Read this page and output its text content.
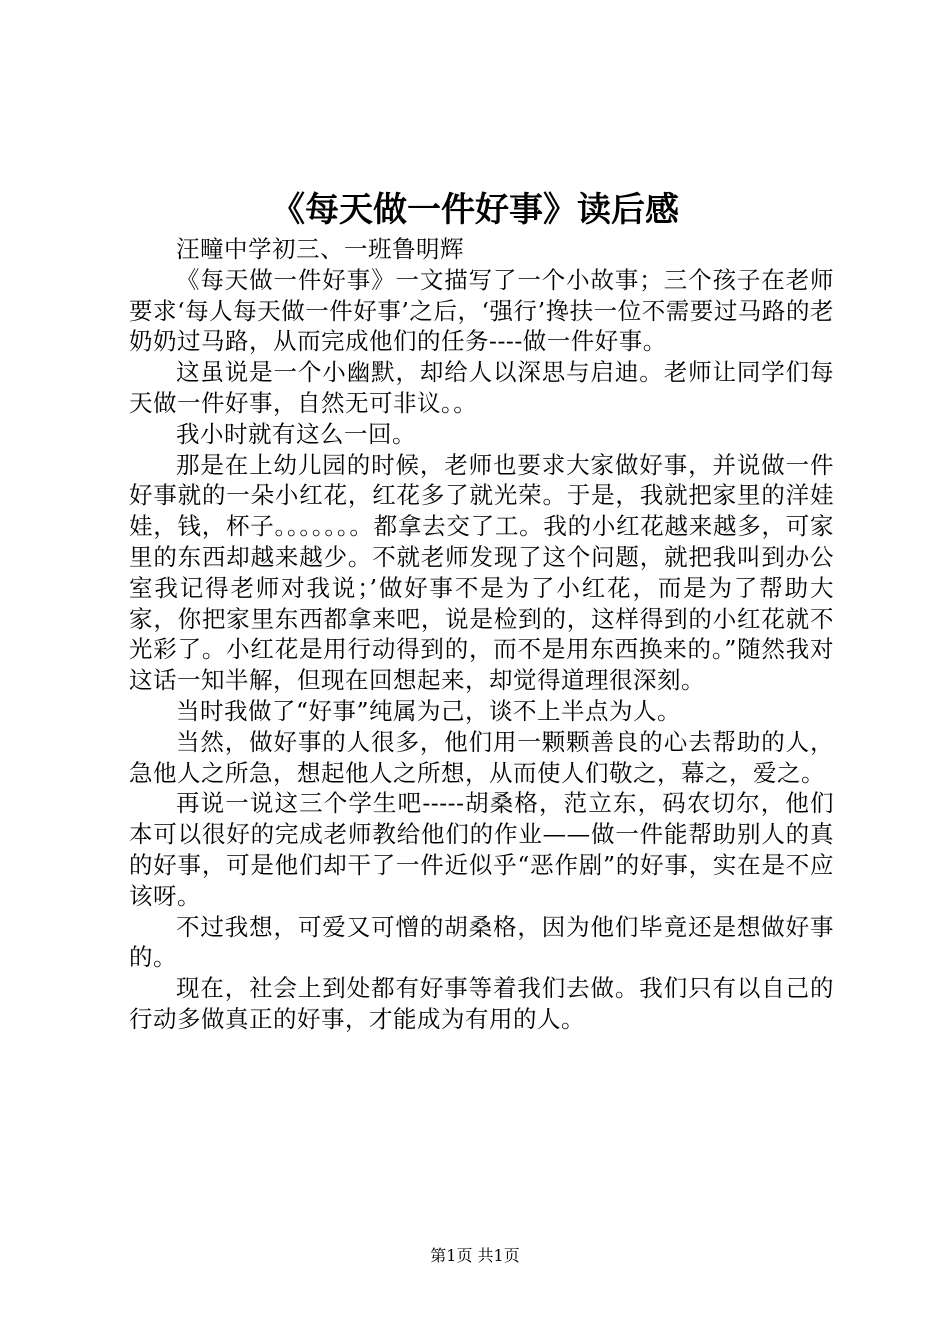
《每天做一件好事》读后感

汪疃中学初三、一班鲁明辉

《每天做一件好事》一文描写了一个小故事；三个孩子在老师要求‘每人每天做一件好事’之后，‘强行’搀扶一位不需要过马路的老奶奶过马路，从而完成他们的任务----做一件好事。

这虽说是一个小幽默，却给人以深思与启迪。老师让同学们每天做一件好事，自然无可非议。。

我小时就有这么一回。

那是在上幼儿园的时候，老师也要求大家做好事，并说做一件好事就的一朵小红花，红花多了就光荣。于是，我就把家里的洋娃娃，钱，杯子。。。。。。。都拿去交了工。我的小红花越来越多，可家里的东西却越来越少。不就老师发现了这个问题，就把我叫到办公室我记得老师对我说；’做好事不是为了小红花，而是为了帮助大家，你把家里东西都拿来吧，说是检到的，这样得到的小红花就不光彩了。小红花是用行动得到的，而不是用东西换来的。”随然我对这话一知半解，但现在回想起来，却觉得道理很深刻。

当时我做了“好事”纯属为己，谈不上半点为人。

当然，做好事的人很多，他们用一颗颗善良的心去帮助的人，急他人之所急，想起他人之所想，从而使人们敬之，幕之，爱之。

再说一说这三个学生吧-----胡桑格，范立东，码农切尔，他们本可以很好的完成老师教给他们的作业——做一件能帮助别人的真的好事，可是他们却干了一件近似乎“恶作剧”的好事，实在是不应该呀。

不过我想，可爱又可憎的胡桑格，因为他们毕竟还是想做好事的。

现在，社会上到处都有好事等着我们去做。我们只有以自己的行动多做真正的好事，才能成为有用的人。

第1页 共1页
